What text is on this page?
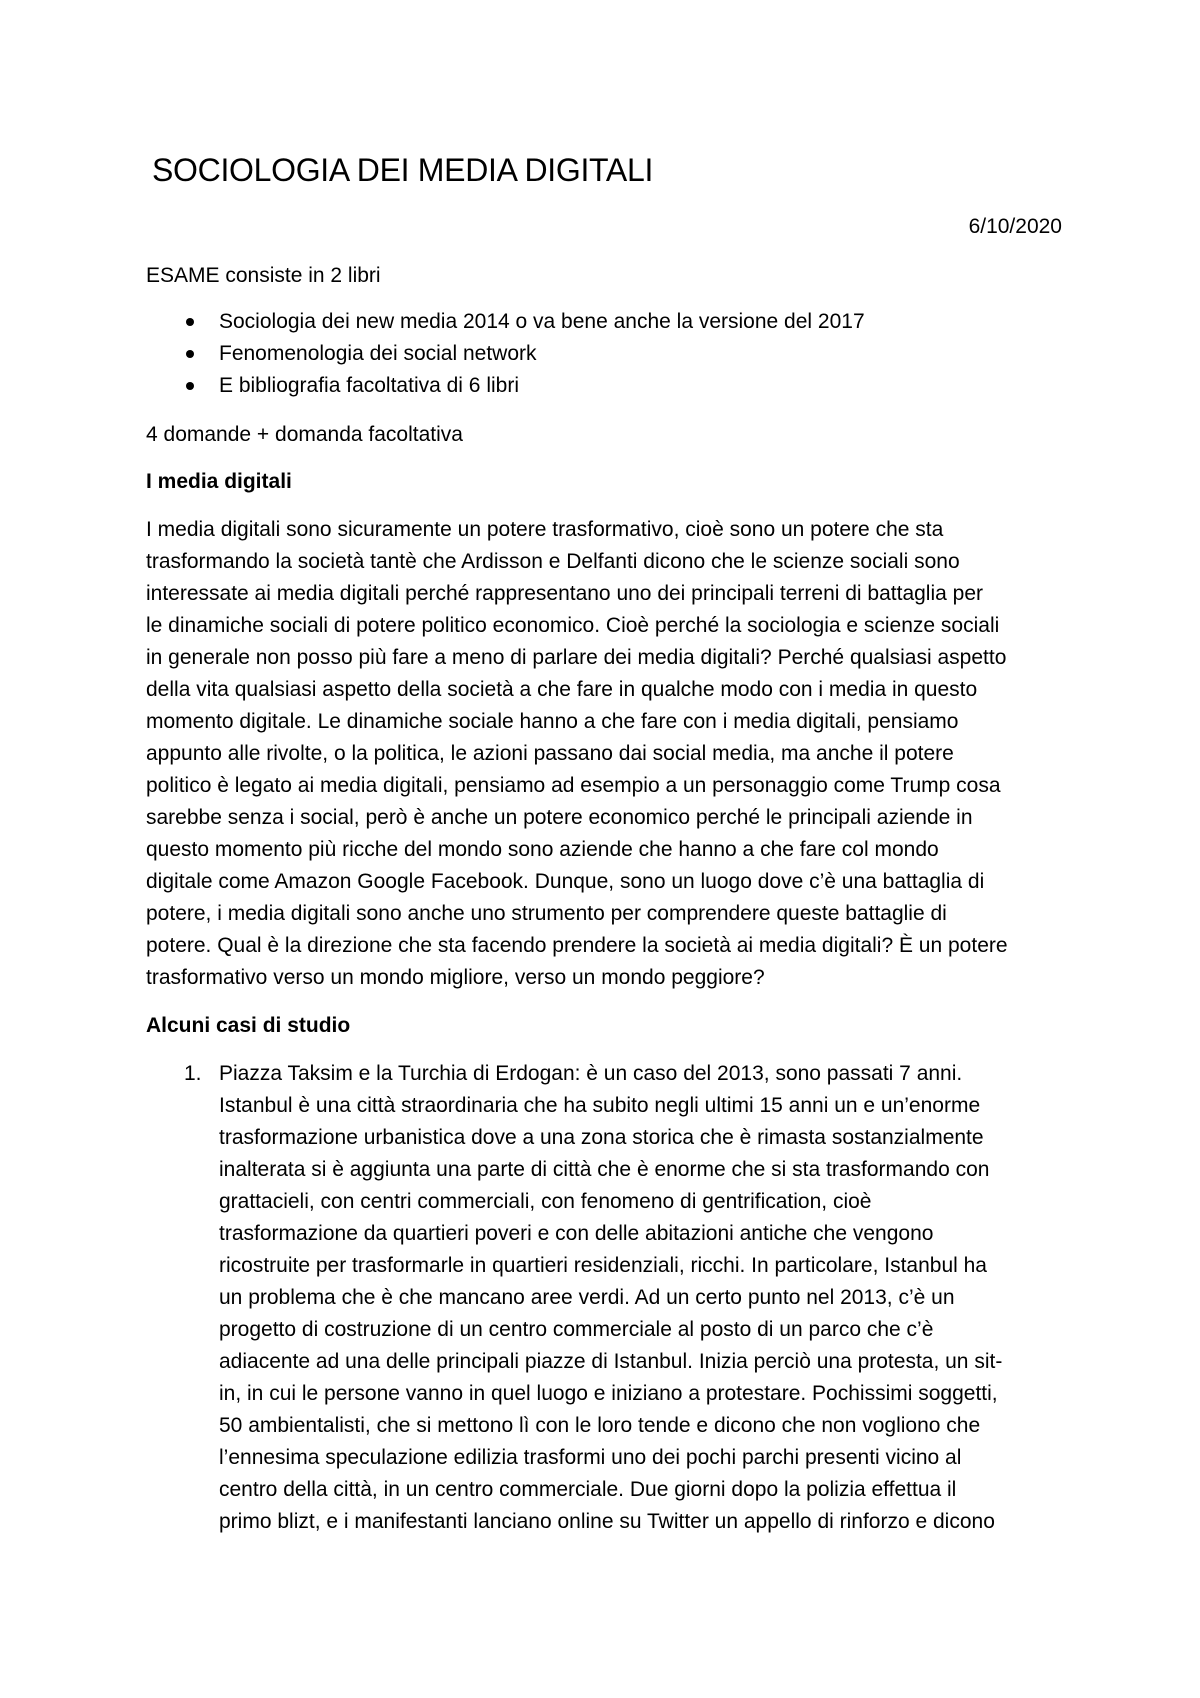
SOCIOLOGIA DEI MEDIA DIGITALI
6/10/2020

ESAME consiste in 2 libri

Sociologia dei new media 2014 o va bene anche la versione del 2017
Fenomenologia dei social network
E bibliografia facoltativa di 6 libri

4 domande + domanda facoltativa

I media digitali

I media digitali sono sicuramente un potere trasformativo, cioè sono un potere che sta

trasformando la società tantè che Ardisson e Delfanti dicono che le scienze sociali sono

interessate ai media digitali perché rappresentano uno dei principali terreni di battaglia per

le dinamiche sociali di potere politico economico. Cioè perché la sociologia e scienze sociali

in generale non posso più fare a meno di parlare dei media digitali? Perché qualsiasi aspetto

della vita qualsiasi aspetto della società a che fare in qualche modo con i media in questo

momento digitale. Le dinamiche sociale hanno a che fare con i media digitali, pensiamo

appunto alle rivolte, o la politica, le azioni passano dai social media, ma anche il potere

politico è legato ai media digitali, pensiamo ad esempio a un personaggio come Trump cosa

sarebbe senza i social, però è anche un potere economico perché le principali aziende in

questo momento più ricche del mondo sono aziende che hanno a che fare col mondo

digitale come Amazon Google Facebook. Dunque, sono un luogo dove c’è una battaglia di

potere, i media digitali sono anche uno strumento per comprendere queste battaglie di

potere. Qual è la direzione che sta facendo prendere la società ai media digitali? È un potere

trasformativo verso un mondo migliore, verso un mondo peggiore?

Alcuni casi di studio

1. Piazza Taksim e la Turchia di Erdogan: è un caso del 2013, sono passati 7 anni.

Istanbul è una città straordinaria che ha subito negli ultimi 15 anni un e un’enorme

trasformazione urbanistica dove a una zona storica che è rimasta sostanzialmente

inalterata si è aggiunta una parte di città che è enorme che si sta trasformando con

grattacieli, con centri commerciali, con fenomeno di gentrification, cioè

trasformazione da quartieri poveri e con delle abitazioni antiche che vengono

ricostruite per trasformarle in quartieri residenziali, ricchi. In particolare, Istanbul ha

un problema che è che mancano aree verdi. Ad un certo punto nel 2013, c’è un

progetto di costruzione di un centro commerciale al posto di un parco che c’è

adiacente ad una delle principali piazze di Istanbul. Inizia perciò una protesta, un sit-

in, in cui le persone vanno in quel luogo e iniziano a protestare. Pochissimi soggetti,

50 ambientalisti, che si mettono lì con le loro tende e dicono che non vogliono che

l’ennesima speculazione edilizia trasformi uno dei pochi parchi presenti vicino al

centro della città, in un centro commerciale. Due giorni dopo la polizia effettua il

primo blizt, e i manifestanti lanciano online su Twitter un appello di rinforzo e dicono
